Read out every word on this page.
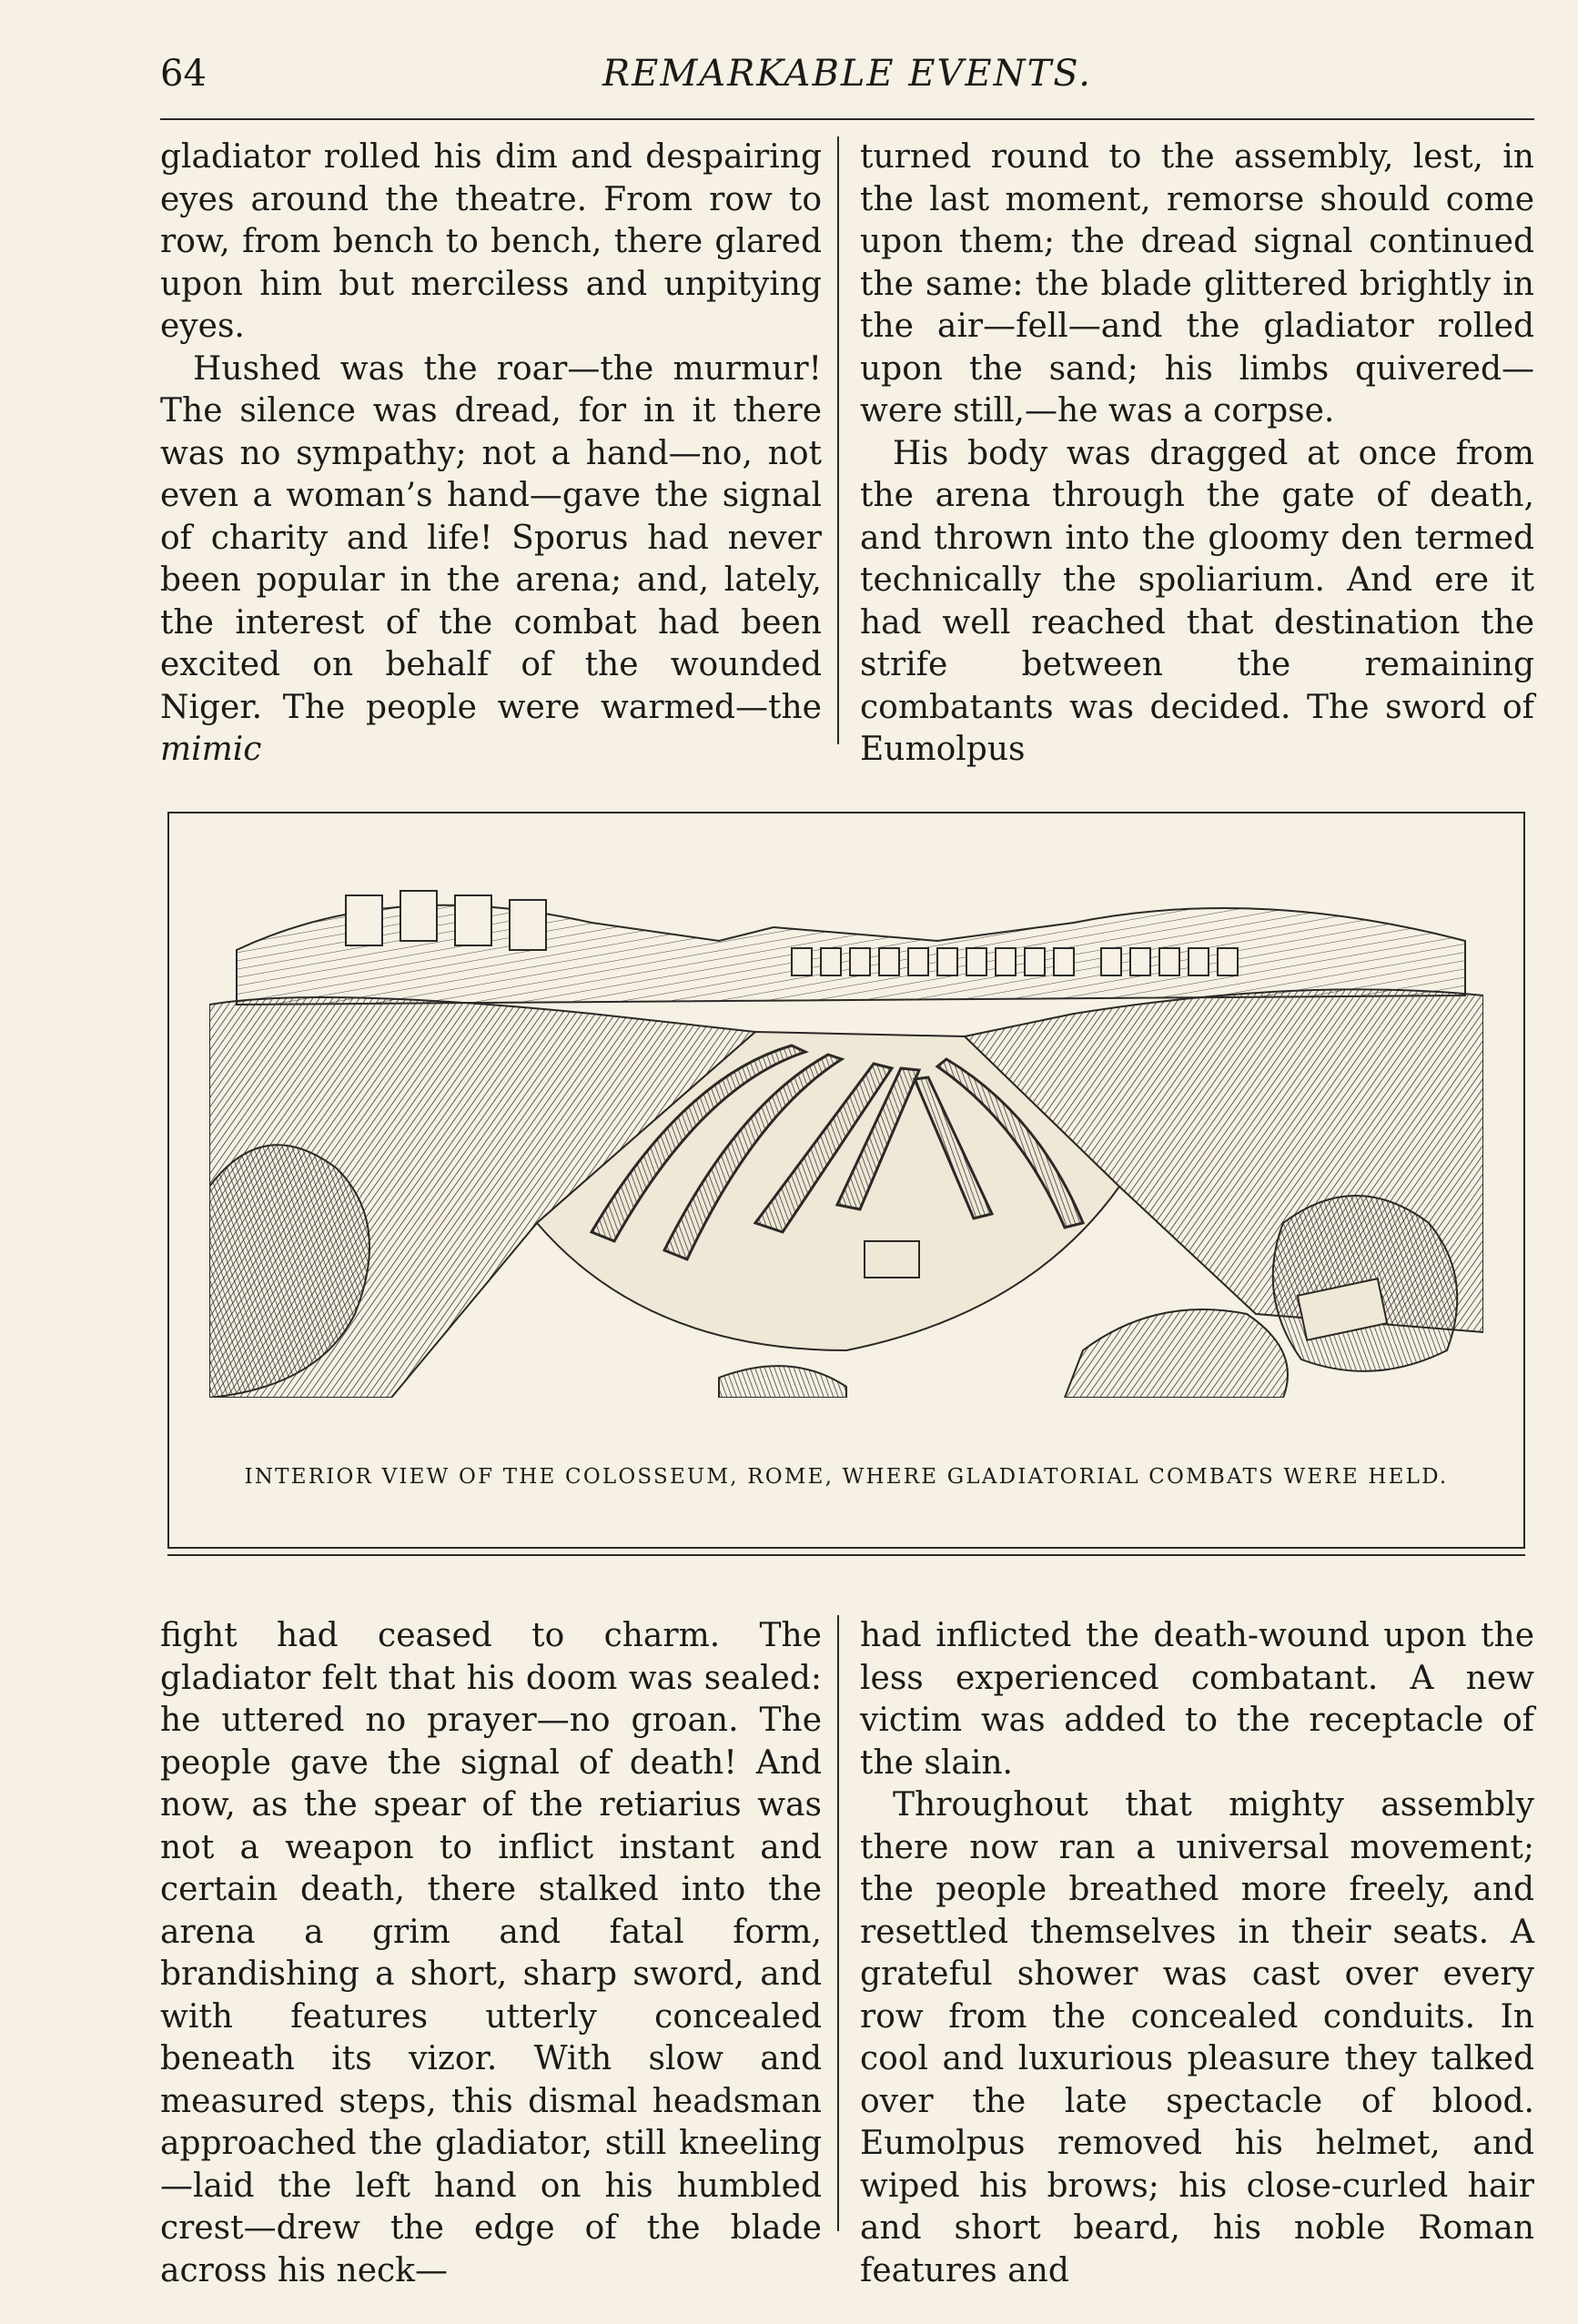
64	REMARKABLE EVENTS.

gladiator rolled his dim and despairing eyes around the theatre. From row to row, from bench to bench, there glared upon him but merciless and unpitying eyes.

Hushed was the roar—the murmur! The silence was dread, for in it there was no sympathy; not a hand—no, not even a woman’s hand—gave the signal of charity and life! Sporus had never been popular in the arena; and, lately, the interest of the combat had been excited on behalf of the wounded Niger. The people were warmed—the mimic

turned round to the assembly, lest, in the last moment, remorse should come upon them; the dread signal continued the same: the blade glittered brightly in the air—fell—and the gladiator rolled upon the sand; his limbs quivered—were still,—he was a corpse.

His body was dragged at once from the arena through the gate of death, and thrown into the gloomy den termed technically the spoliarium. And ere it had well reached that destination the strife between the remaining combatants was decided. The sword of Eumolpus

INTERIOR VIEW OF THE COLOSSEUM, ROME, WHERE GLADIATORIAL COMBATS WERE HELD.

fight had ceased to charm. The gladiator felt that his doom was sealed: he uttered no prayer—no groan. The people gave the signal of death! And now, as the spear of the retiarius was not a weapon to inflict instant and certain death, there stalked into the arena a grim and fatal form, brandishing a short, sharp sword, and with features utterly concealed beneath its vizor. With slow and measured steps, this dismal headsman approached the gladiator, still kneeling—laid the left hand on his humbled crest—drew the edge of the blade across his neck—

had inflicted the death-wound upon the less experienced combatant. A new victim was added to the receptacle of the slain.

Throughout that mighty assembly there now ran a universal movement; the people breathed more freely, and resettled themselves in their seats. A grateful shower was cast over every row from the concealed conduits. In cool and luxurious pleasure they talked over the late spectacle of blood. Eumolpus removed his helmet, and wiped his brows; his close-curled hair and short beard, his noble Roman features and
